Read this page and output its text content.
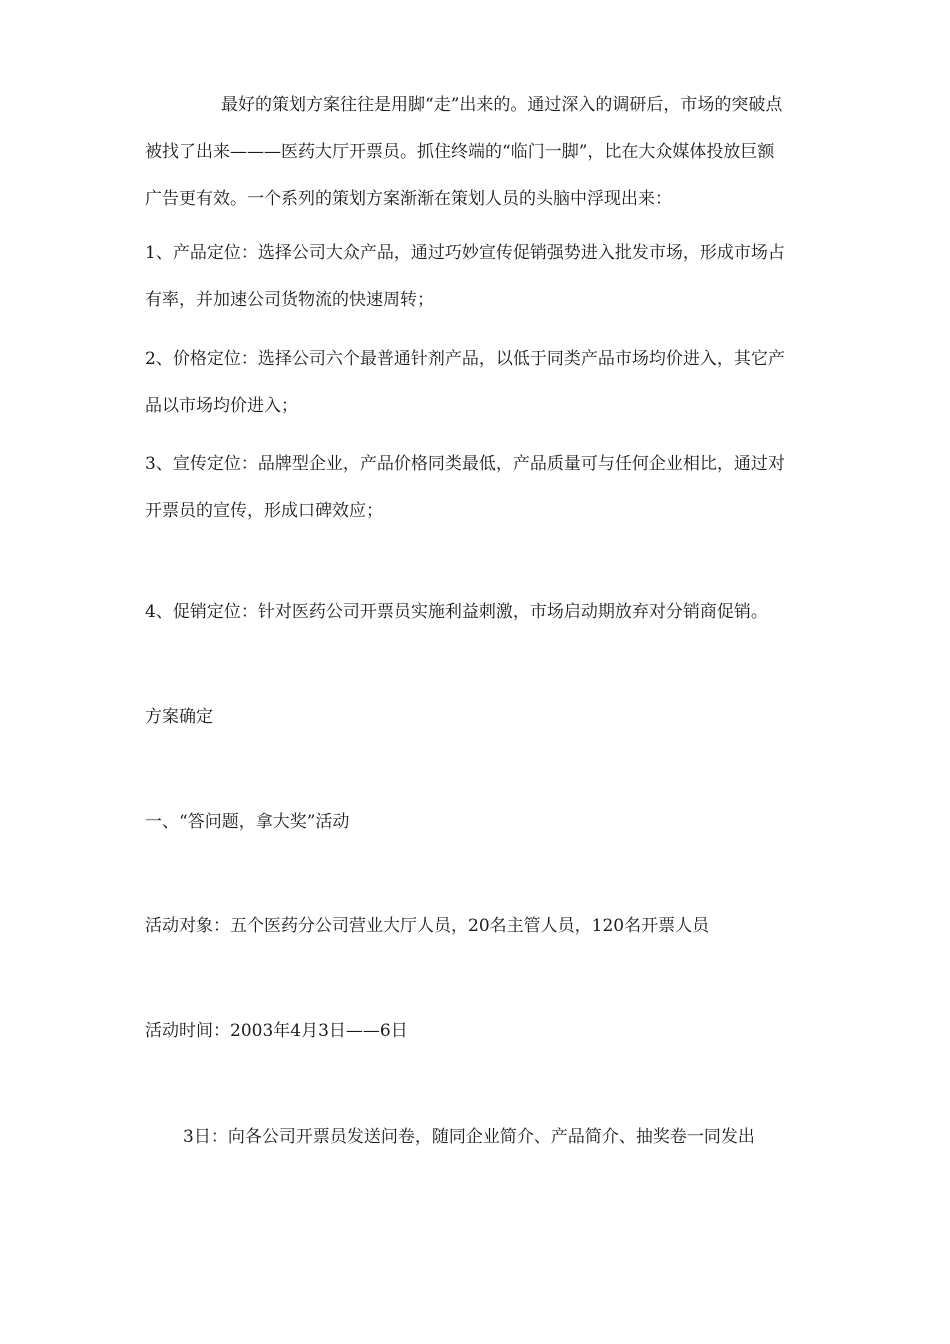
最好的策划方案往往是用脚“走”出来的。通过深入的调研后，市场的突破点
被找了出来———医药大厅开票员。抓住终端的“临门一脚”，比在大众媒体投放巨额
广告更有效。一个系列的策划方案渐渐在策划人员的头脑中浮现出来：
1、产品定位：选择公司大众产品，通过巧妙宣传促销强势进入批发市场，形成市场占
有率，并加速公司货物流的快速周转；
2、价格定位：选择公司六个最普通针剂产品，以低于同类产品市场均价进入，其它产
品以市场均价进入；
3、宣传定位：品牌型企业，产品价格同类最低，产品质量可与任何企业相比，通过对
开票员的宣传，形成口碑效应；
4、促销定位：针对医药公司开票员实施利益刺激，市场启动期放弃对分销商促销。
方案确定
一、“答问题，拿大奖”活动
活动对象：五个医药分公司营业大厅人员，20名主管人员，120名开票人员
活动时间：2003年4月3日——6日
3日：向各公司开票员发送问卷，随同企业简介、产品简介、抽奖卷一同发出
